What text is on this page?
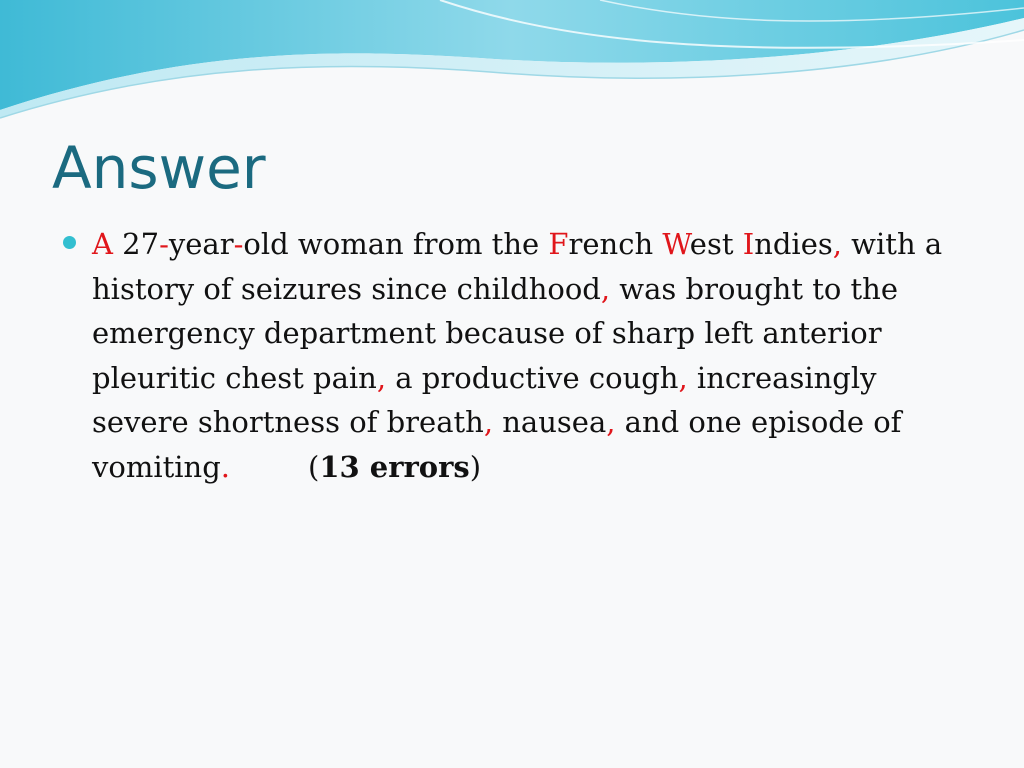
Answer

A 27-year-old woman from the French West Indies, with a history of seizures since childhood, was brought to the emergency department because of sharp left anterior pleuritic chest pain, a productive cough, increasingly severe shortness of breath, nausea, and one episode of vomiting.	(13 errors)
